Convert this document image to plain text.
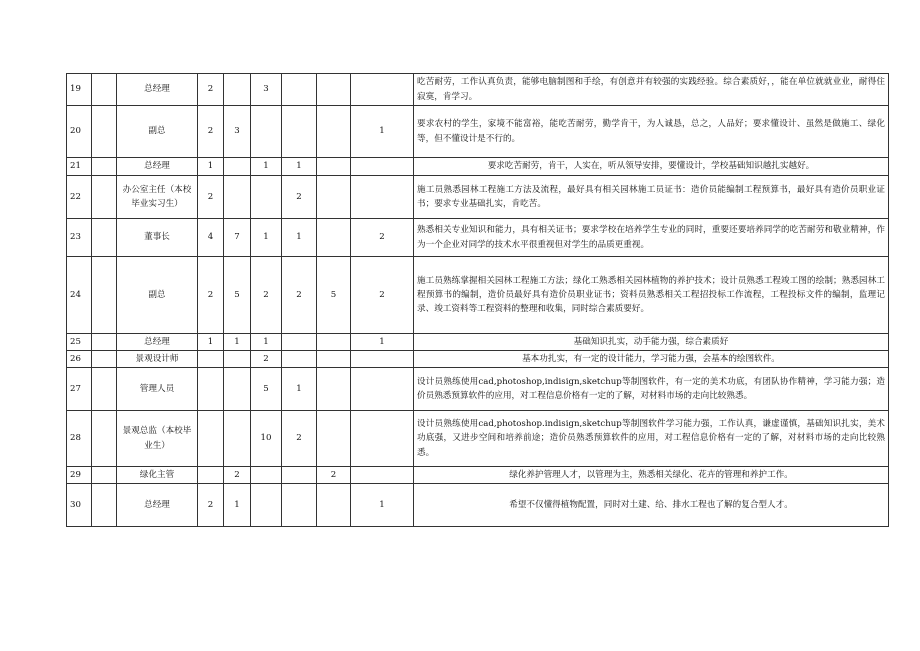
19		总经理	2		3				吃苦耐劳，工作认真负责，能够电脑制图和手绘，有创意并有较强的实践经验。综合素质好，，能在单位就就业业，耐得住寂寞，肯学习。
20		副总	2	3				1	要求农村的学生，家境不能富裕，能吃苦耐劳，勤学肯干，为人诚恳，总之，人品好；要求懂设计、虽然是做施工、绿化等，但不懂设计是不行的。
21		总经理	1		1	1			要求吃苦耐劳，肯干，人实在，听从领导安排，要懂设计，学校基础知识越扎实越好。
22		办公室主任（本校毕业实习生）	2			2			施工员熟悉园林工程施工方法及流程，最好具有相关园林施工员证书：造价员能编制工程预算书，最好具有造价员职业证书；要求专业基础扎实，肯吃苦。
23		董事长	4	7	1	1		2	熟悉相关专业知识和能力，具有相关证书；要求学校在培养学生专业的同时，重要还要培养同学的吃苦耐劳和敬业精神，作为一个企业对同学的技术水平很重视但对学生的品质更重视。
24		副总	2	5	2	2	5	2	施工员熟练掌握相关园林工程施工方法；绿化工熟悉相关园林植物的养护技术；设计员熟悉工程竣工图的绘制；熟悉园林工程预算书的编制，造价员最好具有造价员职业证书；资料员熟悉相关工程招投标工作流程，工程投标文件的编制，监理记录、竣工资料等工程资料的整理和收集，同时综合素质要好。
25		总经理	1	1	1			1	基础知识扎实，动手能力强，综合素质好
26		景观设计师			2				基本功扎实，有一定的设计能力，学习能力强，会基本的绘图软件。
27		管理人员			5	1			设计员熟练使用cad,photoshop,indisign,sketchup等制图软件，有一定的美术功底，有团队协作精神，学习能力强；造价员熟悉预算软件的应用，对工程信息价格有一定的了解，对材料市场的走向比较熟悉。
28		景观总监（本校毕业生）			10	2			设计员熟练使用cad,photoshop.indisign,sketchup等制图软件学习能力强，工作认真，谦虚谨慎，基础知识扎实，美术功底强，又进步空间和培养前途；造价员熟悉预算软件的应用，对工程信息价格有一定的了解，对材料市场的走向比较熟悉。
29		绿化主管		2			2		绿化养护管理人才，以管理为主，熟悉相关绿化、花卉的管理和养护工作。
30		总经理	2	1				1	希望不仅懂得植物配置，同时对土建、给、排水工程也了解的复合型人才。
